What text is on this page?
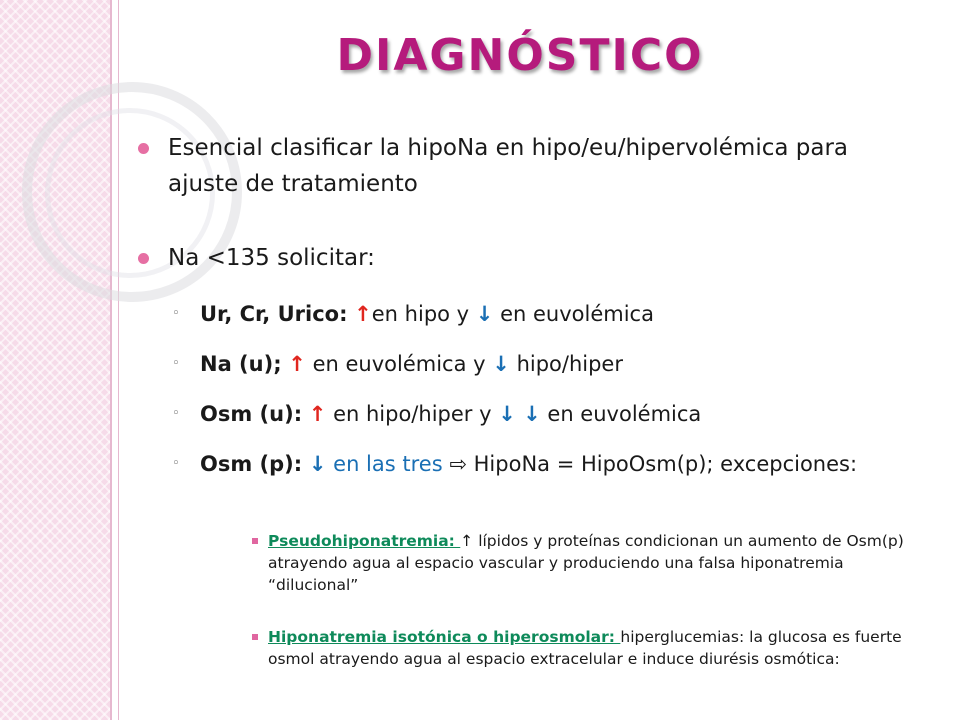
DIAGNÓSTICO
Esencial clasificar la hipoNa en hipo/eu/hipervolémica para ajuste de tratamiento
Na <135 solicitar:
◦ Ur, Cr, Urico: ↑en hipo y ↓ en euvolémica
◦ Na (u); ↑ en euvolémica y ↓ hipo/hiper
◦ Osm (u): ↑ en hipo/hiper y ↓ ↓ en euvolémica
◦ Osm (p): ↓ en las tres ⇨ HipoNa = HipoOsm(p); excepciones:
Pseudohiponatremia: ↑ lípidos y proteínas condicionan un aumento de Osm(p) atrayendo agua al espacio vascular y produciendo una falsa hiponatremia “dilucional”
Hiponatremia isotónica o hiperosmolar: hiperglucemias: la glucosa es fuerte osmol atrayendo agua al espacio extracelular e induce diurésis osmótica:
